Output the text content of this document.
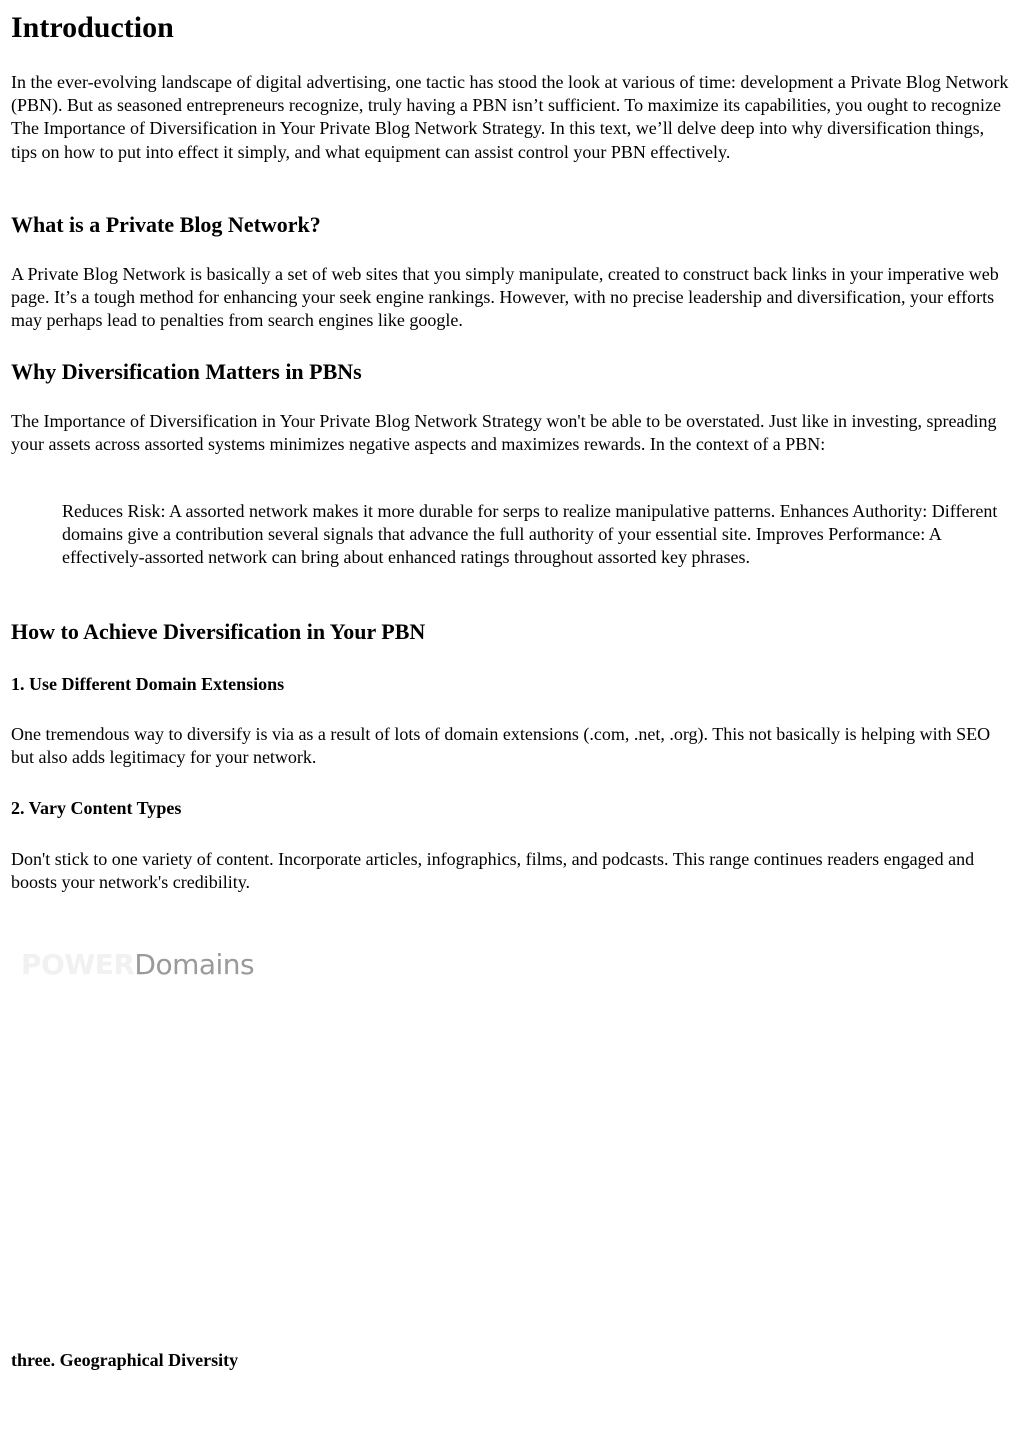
Introduction

In the ever-evolving landscape of digital advertising, one tactic has stood the look at various of time: development a Private Blog Network (PBN). But as seasoned entrepreneurs recognize, truly having a PBN isn’t sufficient. To maximize its capabilities, you ought to recognize The Importance of Diversification in Your Private Blog Network Strategy. In this text, we’ll delve deep into why diversification things, tips on how to put into effect it simply, and what equipment can assist control your PBN effectively.

What is a Private Blog Network?

A Private Blog Network is basically a set of web sites that you simply manipulate, created to construct back links in your imperative web page. It’s a tough method for enhancing your seek engine rankings. However, with no precise leadership and diversification, your efforts may perhaps lead to penalties from search engines like google.

Why Diversification Matters in PBNs

The Importance of Diversification in Your Private Blog Network Strategy won't be able to be overstated. Just like in investing, spreading your assets across assorted systems minimizes negative aspects and maximizes rewards. In the context of a PBN:

Reduces Risk: A assorted network makes it more durable for serps to realize manipulative patterns. Enhances Authority: Different domains give a contribution several signals that advance the full authority of your essential site. Improves Performance: A effectively-assorted network can bring about enhanced ratings throughout assorted key phrases.
How to Achieve Diversification in Your PBN
1. Use Different Domain Extensions

One tremendous way to diversify is via as a result of lots of domain extensions (.com, .net, .org). This not basically is helping with SEO but also adds legitimacy for your network.

2. Vary Content Types

Don't stick to one variety of content. Incorporate articles, infographics, films, and podcasts. This range continues readers engaged and boosts your network's credibility.

three. Geographical Diversity
POWERDomains
